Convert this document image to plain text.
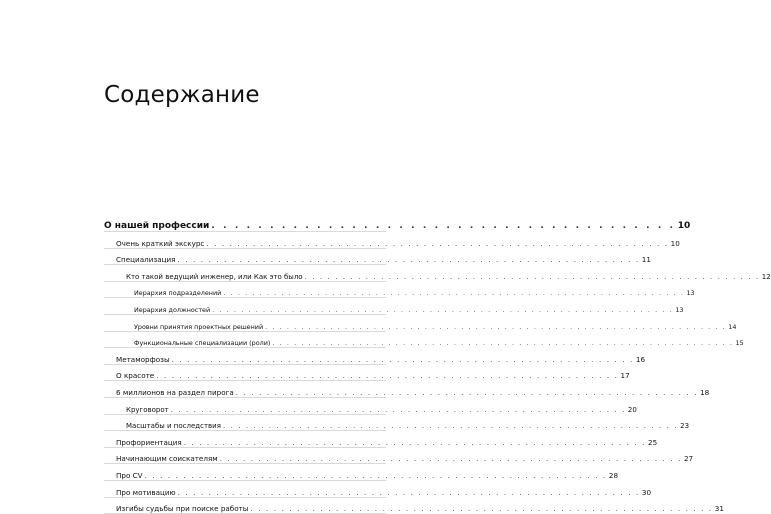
Содержание
О нашей профессии . . . . . . . . . . . . . . . . . . . . . . . . . . . . . . . . . . . . . . . . 10
Очень краткий экскурс . . . . . . . . . . . . . . . . . . . . . . . . . . . . . . . . . . . . . . . . . . . . . . . . . . . . . . . . . . . . 10
Специализация . . . . . . . . . . . . . . . . . . . . . . . . . . . . . . . . . . . . . . . . . . . . . . . . . . . . . . . . . . . . 11
Кто такой ведущий инженер, или Как это было . . . . . . . . . . . . . . . . . . . . . . . . . . . . . . . . . . . . . . . . . . . . . . . . . . . . . . . . . . . . 12
Иерархия подразделений . . . . . . . . . . . . . . . . . . . . . . . . . . . . . . . . . . . . . . . . . . . . . . . . . . . . . . . . . . . . . . . . 13
Иерархия должностей . . . . . . . . . . . . . . . . . . . . . . . . . . . . . . . . . . . . . . . . . . . . . . . . . . . . . . . . . . . . . . . . 13
Уровни принятия проектных решений . . . . . . . . . . . . . . . . . . . . . . . . . . . . . . . . . . . . . . . . . . . . . . . . . . . . . . . . . . . . . . . . 14
Функциональные специализации (роли) . . . . . . . . . . . . . . . . . . . . . . . . . . . . . . . . . . . . . . . . . . . . . . . . . . . . . . . . . . . . . . . . 15
Метаморфозы . . . . . . . . . . . . . . . . . . . . . . . . . . . . . . . . . . . . . . . . . . . . . . . . . . . . . . . . . . . . 16
О красоте . . . . . . . . . . . . . . . . . . . . . . . . . . . . . . . . . . . . . . . . . . . . . . . . . . . . . . . . . . . . 17
6 миллионов на раздел пирога . . . . . . . . . . . . . . . . . . . . . . . . . . . . . . . . . . . . . . . . . . . . . . . . . . . . . . . . . . . . 18
Круговорот . . . . . . . . . . . . . . . . . . . . . . . . . . . . . . . . . . . . . . . . . . . . . . . . . . . . . . . . . . . . 20
Масштабы и последствия . . . . . . . . . . . . . . . . . . . . . . . . . . . . . . . . . . . . . . . . . . . . . . . . . . . . . . . . . . . . 23
Профориентация . . . . . . . . . . . . . . . . . . . . . . . . . . . . . . . . . . . . . . . . . . . . . . . . . . . . . . . . . . . . 25
Начинающим соискателям . . . . . . . . . . . . . . . . . . . . . . . . . . . . . . . . . . . . . . . . . . . . . . . . . . . . . . . . . . . . 27
Про CV . . . . . . . . . . . . . . . . . . . . . . . . . . . . . . . . . . . . . . . . . . . . . . . . . . . . . . . . . . . . 28
Про мотивацию . . . . . . . . . . . . . . . . . . . . . . . . . . . . . . . . . . . . . . . . . . . . . . . . . . . . . . . . . . . . 30
Изгибы судьбы при поиске работы . . . . . . . . . . . . . . . . . . . . . . . . . . . . . . . . . . . . . . . . . . . . . . . . . . . . . . . . . . . . 31
